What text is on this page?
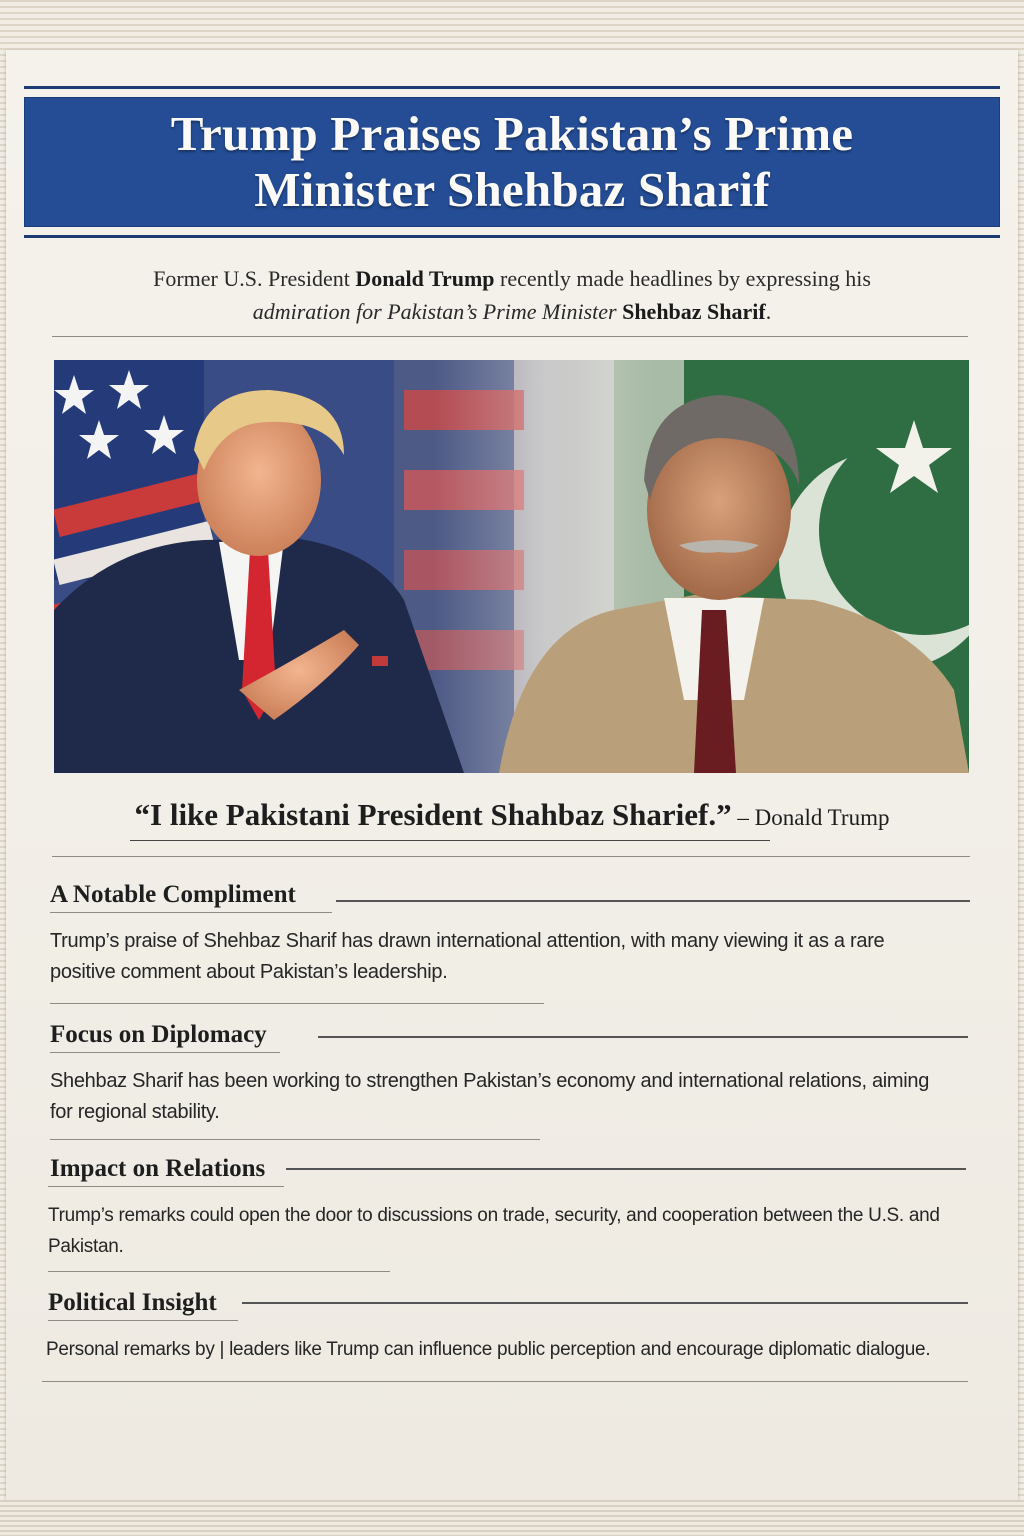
Trump Praises Pakistan’s Prime
Minister Shehbaz Sharif

Former U.S. President Donald Trump recently made headlines by expressing his
admiration for Pakistan’s Prime Minister Shehbaz Sharif.

“I like Pakistani President Shahbaz Sharief.” – Donald Trump
A Notable Compliment

Trump’s praise of Shehbaz Sharif has drawn international attention, with many viewing it as a rare positive comment about Pakistan’s leadership.

Focus on Diplomacy

Shehbaz Sharif has been working to strengthen Pakistan’s economy and international relations, aiming for regional stability.

Impact on Relations

Trump’s remarks could open the door to discussions on trade, security, and cooperation between the U.S. and Pakistan.

Political Insight

Personal remarks by | leaders like Trump can influence public perception and encourage diplomatic dialogue.
